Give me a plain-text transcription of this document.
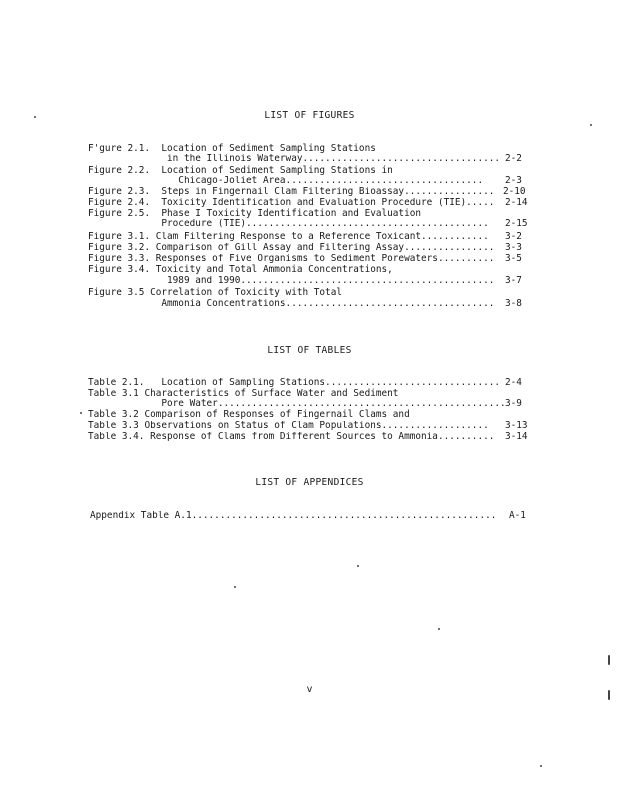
LIST OF FIGURES
F'gure 2.1.  Location of Sediment Sampling Stations
in the Illinois Waterway................................... 2-2
Figure 2.2.  Location of Sediment Sampling Stations in
Chicago-Joliet Area...................................	2-3
Figure 2.3.  Steps in Fingernail Clam Filtering Bioassay................ 2-10
Figure 2.4.  Toxicity Identification and Evaluation Procedure (TIE).....	2-14
Figure 2.5.  Phase I Toxicity Identification and Evaluation
Procedure (TIE)...........................................	2-15
Figure 3.1. Clam Filtering Response to a Reference Toxicant............	3-2
Figure 3.2. Comparison of Gill Assay and Filtering Assay................	3-3
Figure 3.3. Responses of Five Organisms to Sediment Porewaters..........	3-5
Figure 3.4. Toxicity and Total Ammonia Concentrations,
1989 and 1990.............................................	3-7
Figure 3.5 Correlation of Toxicity with Total
Ammonia Concentrations.....................................	3-8
LIST OF TABLES
Table 2.1.   Location of Sampling Stations............................... 2-4
Table 3.1 Characteristics of Surface Water and Sediment
Pore Water................................................... 3-9
Table 3.2 Comparison of Responses of Fingernail Clams and
Table 3.3 Observations on Status of Clam Populations...................	3-13
Table 3.4. Response of Clams from Different Sources to Ammonia..........	3-14
LIST OF APPENDICES
Appendix Table A.1......................................................	A-1
v
